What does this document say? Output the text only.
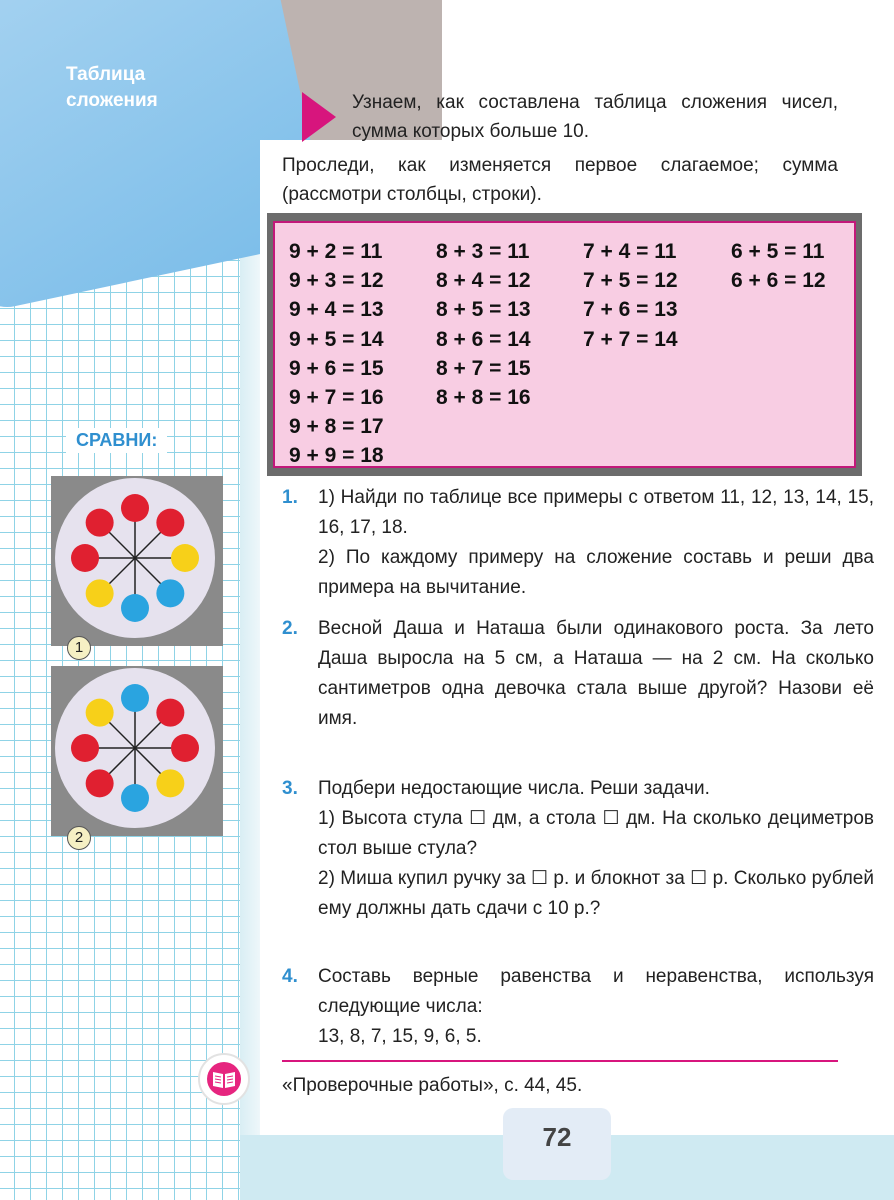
Таблица сложения
СРАВНИ:
1
2
Узнаем, как составлена таблица сложения чисел, сумма которых больше 10.
Проследи, как изменяется первое слагаемое; сумма (рассмотри столбцы, строки).
9 + 2 = 11
9 + 3 = 12
9 + 4 = 13
9 + 5 = 14
9 + 6 = 15
9 + 7 = 16
9 + 8 = 17
9 + 9 = 18
8 + 3 = 11
8 + 4 = 12
8 + 5 = 13
8 + 6 = 14
8 + 7 = 15
8 + 8 = 16
7 + 4 = 11
7 + 5 = 12
7 + 6 = 13
7 + 7 = 14
6 + 5 = 11
6 + 6 = 12
1. 1) Найди по таблице все примеры с ответом 11, 12, 13, 14, 15, 16, 17, 18.
2) По каждому примеру на сложение составь и реши два примера на вычитание.
2. Весной Даша и Наташа были одинакового роста. За лето Даша выросла на 5 см, а Наташа — на 2 см. На сколько сантиметров одна девочка стала выше другой? Назови её имя.
3. Подбери недостающие числа. Реши задачи.
1) Высота стула ☐ дм, а стола ☐ дм. На сколько дециметров стол выше стула?
2) Миша купил ручку за ☐ р. и блокнот за ☐ р. Сколько рублей ему должны дать сдачи с 10 р.?
4. Составь верные равенства и неравенства, используя следующие числа:
13, 8, 7, 15, 9, 6, 5.
«Проверочные работы», с. 44, 45.
72
